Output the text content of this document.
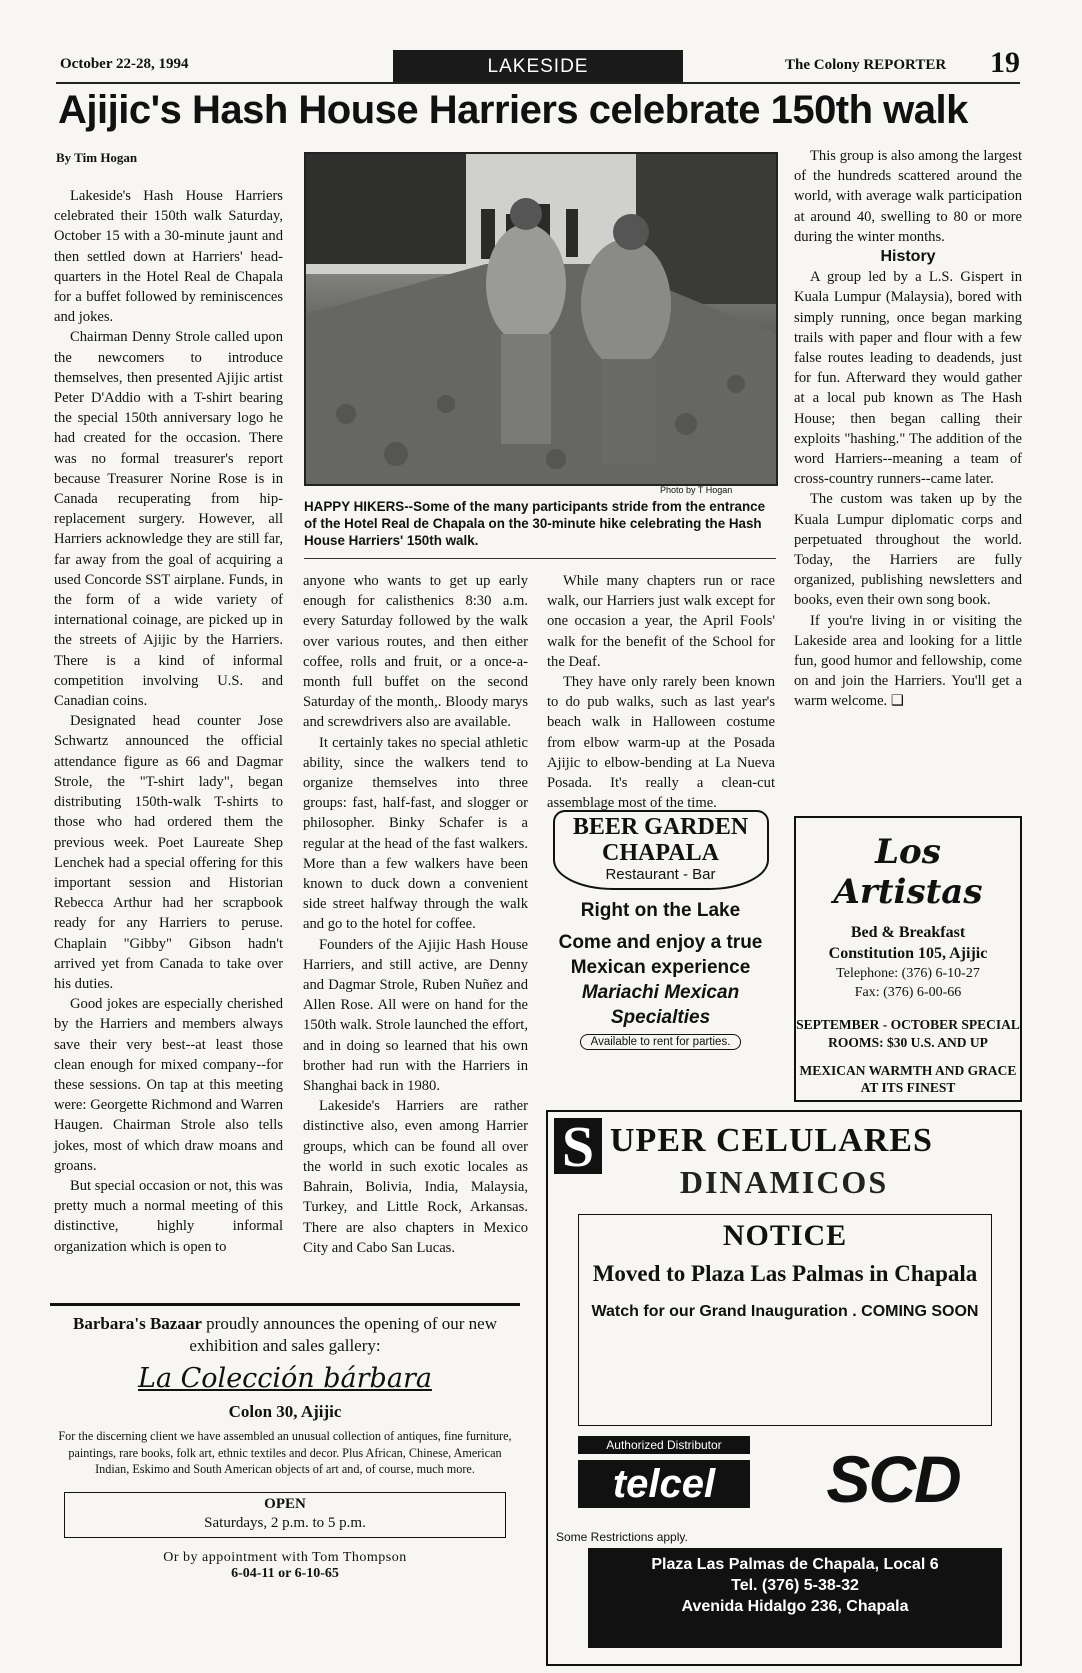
October 22-28, 1994	LAKESIDE	The Colony REPORTER 19
Ajijic's Hash House Harriers celebrate 150th walk
By Tim Hogan

Lakeside's Hash House Harriers celebrated their 150th walk Saturday, October 15 with a 30-minute jaunt and then settled down at Harriers' head-quarters in the Hotel Real de Chapala for a buffet followed by reminiscences and jokes.

Chairman Denny Strole called upon the newcomers to introduce themselves, then presented Ajijic artist Peter D'Addio with a T-shirt bearing the special 150th anniversary logo he had created for the occasion. There was no formal treasurer's report because Treasurer Norine Rose is in Canada recuperating from hip-replacement surgery. However, all Harriers acknowledge they are still far, far away from the goal of acquiring a used Concorde SST airplane. Funds, in the form of a wide variety of international coinage, are picked up in the streets of Ajijic by the Harriers. There is a kind of informal competition involving U.S. and Canadian coins.

Designated head counter Jose Schwartz announced the official attendance figure as 66 and Dagmar Strole, the "T-shirt lady", began distributing 150th-walk T-shirts to those who had ordered them the previous week. Poet Laureate Shep Lenchek had a special offering for this important session and Historian Rebecca Arthur had her scrapbook ready for any Harriers to peruse. Chaplain "Gibby" Gibson hadn't arrived yet from Canada to take over his duties.

Good jokes are especially cherished by the Harriers and members always save their very best--at least those clean enough for mixed company--for these sessions. On tap at this meeting were: Georgette Richmond and Warren Haugen. Chairman Strole also tells jokes, most of which draw moans and groans.

But special occasion or not, this was pretty much a normal meeting of this distinctive, highly informal organization which is open to

Photo by T Hogan
HAPPY HIKERS--Some of the many participants stride from the entrance of the Hotel Real de Chapala on the 30-minute hike celebrating the Hash House Harriers' 150th walk.

anyone who wants to get up early enough for calisthenics 8:30 a.m. every Saturday followed by the walk over various routes, and then either coffee, rolls and fruit, or a once-a-month full buffet on the second Saturday of the month,. Bloody marys and screwdrivers also are available.

It certainly takes no special athletic ability, since the walkers tend to organize themselves into three groups: fast, half-fast, and slogger or philosopher. Binky Schafer is a regular at the head of the fast walkers. More than a few walkers have been known to duck down a convenient side street halfway through the walk and go to the hotel for coffee.

Founders of the Ajijic Hash House Harriers, and still active, are Denny and Dagmar Strole, Ruben Nuñez and Allen Rose. All were on hand for the 150th walk. Strole launched the effort, and in doing so learned that his own brother had run with the Harriers in Shanghai back in 1980.

Lakeside's Harriers are rather distinctive also, even among Harrier groups, which can be found all over the world in such exotic locales as Bahrain, Bolivia, India, Malaysia, Turkey, and Little Rock, Arkansas. There are also chapters in Mexico City and Cabo San Lucas.

While many chapters run or race walk, our Harriers just walk except for one occasion a year, the April Fools' walk for the benefit of the School for the Deaf.

They have only rarely been known to do pub walks, such as last year's beach walk in Halloween costume from elbow warm-up at the Posada Ajijic to elbow-bending at La Nueva Posada. It's really a clean-cut assemblage most of the time.

This group is also among the largest of the hundreds scattered around the world, with average walk participation at around 40, swelling to 80 or more during the winter months.

History

A group led by a L.S. Gispert in Kuala Lumpur (Malaysia), bored with simply running, once began marking trails with paper and flour with a few false routes leading to deadends, just for fun. Afterward they would gather at a local pub known as The Hash House; then began calling their exploits "hashing." The addition of the word Harriers--meaning a team of cross-country runners--came later.

The custom was taken up by the Kuala Lumpur diplomatic corps and perpetuated throughout the world. Today, the Harriers are fully organized, publishing newsletters and books, even their own song book.

If you're living in or visiting the Lakeside area and looking for a little fun, good humor and fellowship, come on and join the Harriers. You'll get a warm welcome. ❑

BEER GARDEN CHAPALA
Restaurant - Bar
Right on the Lake
Come and enjoy a true Mexican experience
Mariachi Mexican Specialties
Available to rent for parties.
Los Artistas
Bed & Breakfast
Constitution 105, Ajijic
Telephone: (376) 6-10-27
Fax: (376) 6-00-66
SEPTEMBER - OCTOBER SPECIAL ROOMS: $30 U.S. AND UP
MEXICAN WARMTH AND GRACE AT ITS FINEST
S UPER CELULARES
DINAMICOS
NOTICE
Moved to Plaza Las Palmas in Chapala
Watch for our Grand Inauguration . COMING SOON
Authorized Distributor
telcel	SCD
Some Restrictions apply.
Plaza Las Palmas de Chapala, Local 6
Tel. (376) 5-38-32
Avenida Hidalgo 236, Chapala
Barbara's Bazaar proudly announces the opening of our new exhibition and sales gallery:
La Colección bárbara
Colon 30, Ajijic
For the discerning client we have assembled an unusual collection of antiques, fine furniture, paintings, rare books, folk art, ethnic textiles and decor. Plus African, Chinese, American Indian, Eskimo and South American objects of art and, of course, much more.
OPEN
Saturdays, 2 p.m. to 5 p.m.
Or by appointment with Tom Thompson
6-04-11 or 6-10-65
